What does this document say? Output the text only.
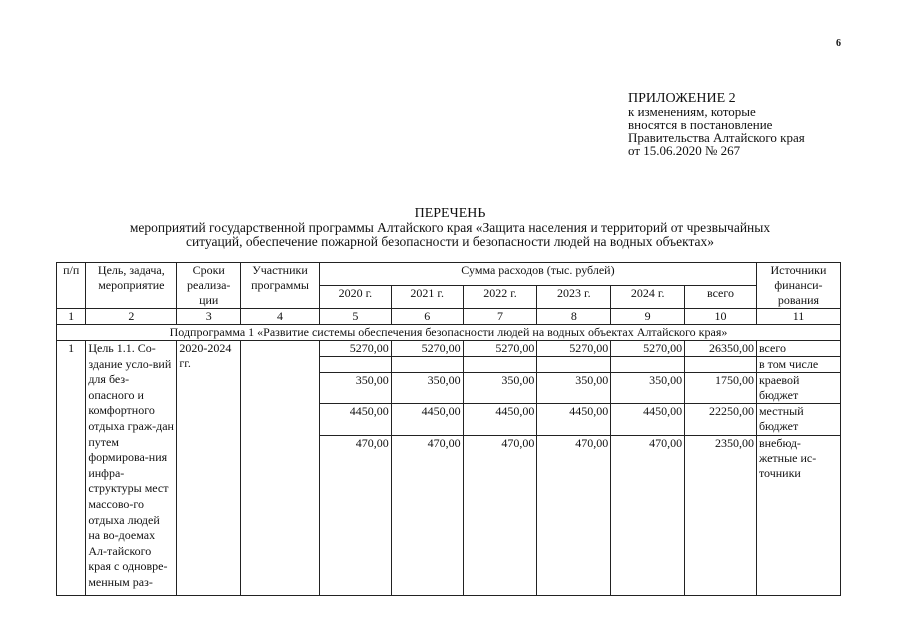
6
ПРИЛОЖЕНИЕ 2
к изменениям, которые
вносятся в постановление
Правительства Алтайского края
от 15.06.2020 № 267
ПЕРЕЧЕНЬ
мероприятий государственной программы Алтайского края «Защита населения и территорий от чрезвычайных
ситуаций, обеспечение пожарной безопасности и безопасности людей на водных объектах»
п/п	Цель, задача, мероприятие	Сроки реализа-ции	Участники программы	Сумма расходов (тыс. рублей)						Источники финанси-рования
				2020 г.	2021 г.	2022 г.	2023 г.	2024 г.	всего	
1	2	3	4	5	6	7	8	9	10	11
Подпрограмма 1 «Развитие системы обеспечения безопасности людей на водных объектах Алтайского края»										
1	Цель 1.1. Со-здание усло-вий для без-опасного и комфортного отдыха граж-дан путем формирова-ния инфра-структуры мест массово-го отдыха людей на во-доемах Ал-тайского края с одновре-менным раз-	2020-2024 гг.		5270,00	5270,00	5270,00	5270,00	5270,00	26350,00	всего
										в том числе
				350,00	350,00	350,00	350,00	350,00	1750,00	краевой бюджет
				4450,00	4450,00	4450,00	4450,00	4450,00	22250,00	местный бюджет
				470,00	470,00	470,00	470,00	470,00	2350,00	внебюд-жетные ис-точники
